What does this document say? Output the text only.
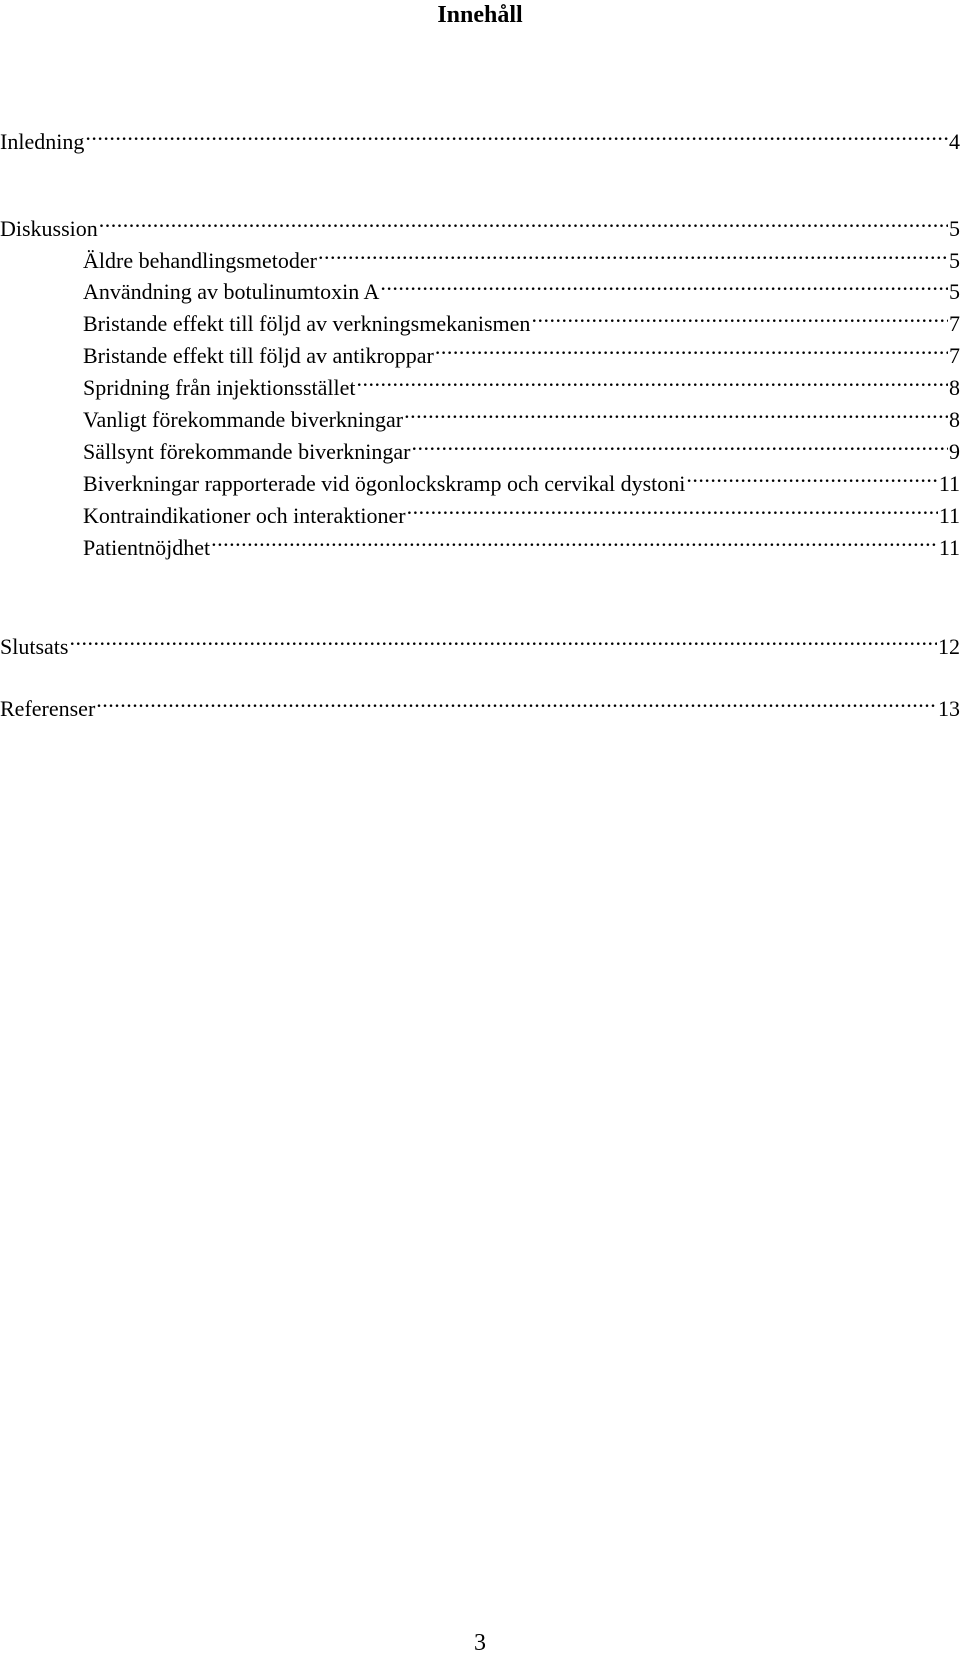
Innehåll
Inledning .....	4
Diskussion .....	5
Äldre behandlingsmetoder .....	5
Användning av botulinumtoxin A .....	5
Bristande effekt till följd av verkningsmekanismen .....	7
Bristande effekt till följd av antikroppar .....	7
Spridning från injektionsstället .....	8
Vanligt förekommande biverkningar .....	8
Sällsynt förekommande biverkningar .....	9
Biverkningar rapporterade vid ögonlockskramp och cervikal dystoni .....	11
Kontraindikationer och interaktioner .....	11
Patientnöjdhet .....	11
Slutsats .....	12
Referenser .....	13
3
